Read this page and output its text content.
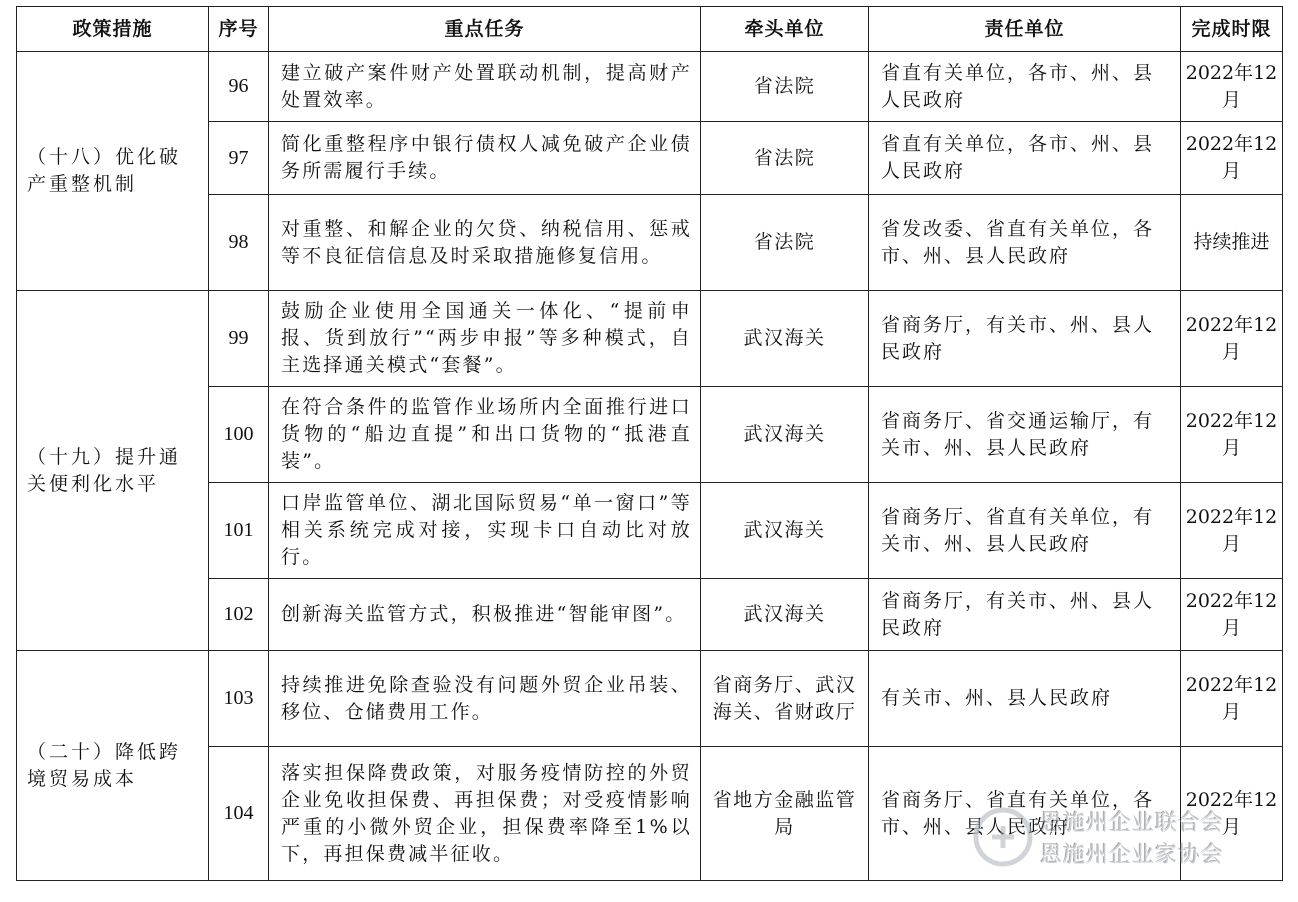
政策措施	序号	重点任务	牵头单位	责任单位	完成时限
（十八）优化破产重整机制	96	建立破产案件财产处置联动机制，提高财产处置效率。	省法院	省直有关单位，各市、州、县人民政府	2022年12月
	97	简化重整程序中银行债权人减免破产企业债务所需履行手续。	省法院	省直有关单位，各市、州、县人民政府	2022年12月
	98	对重整、和解企业的欠贷、纳税信用、惩戒等不良征信信息及时采取措施修复信用。	省法院	省发改委、省直有关单位，各市、州、县人民政府	持续推进
（十九）提升通关便利化水平	99	鼓励企业使用全国通关一体化、“提前申报、货到放行”“两步申报”等多种模式，自主选择通关模式“套餐”。	武汉海关	省商务厅，有关市、州、县人民政府	2022年12月
	100	在符合条件的监管作业场所内全面推行进口货物的“船边直提”和出口货物的“抵港直装”。	武汉海关	省商务厅、省交通运输厅，有关市、州、县人民政府	2022年12月
	101	口岸监管单位、湖北国际贸易“单一窗口”等相关系统完成对接，实现卡口自动比对放行。	武汉海关	省商务厅、省直有关单位，有关市、州、县人民政府	2022年12月
	102	创新海关监管方式，积极推进“智能审图”。	武汉海关	省商务厅，有关市、州、县人民政府	2022年12月
（二十）降低跨境贸易成本	103	持续推进免除查验没有问题外贸企业吊装、移位、仓储费用工作。	省商务厅、武汉海关、省财政厅	有关市、州、县人民政府	2022年12月
	104	落实担保降费政策，对服务疫情防控的外贸企业免收担保费、再担保费；对受疫情影响严重的小微外贸企业，担保费率降至1%以下，再担保费减半征收。	省地方金融监管局	省商务厅、省直有关单位，各市、州、县人民政府	2022年12月
恩施州企业联合会
恩施州企业家协会
